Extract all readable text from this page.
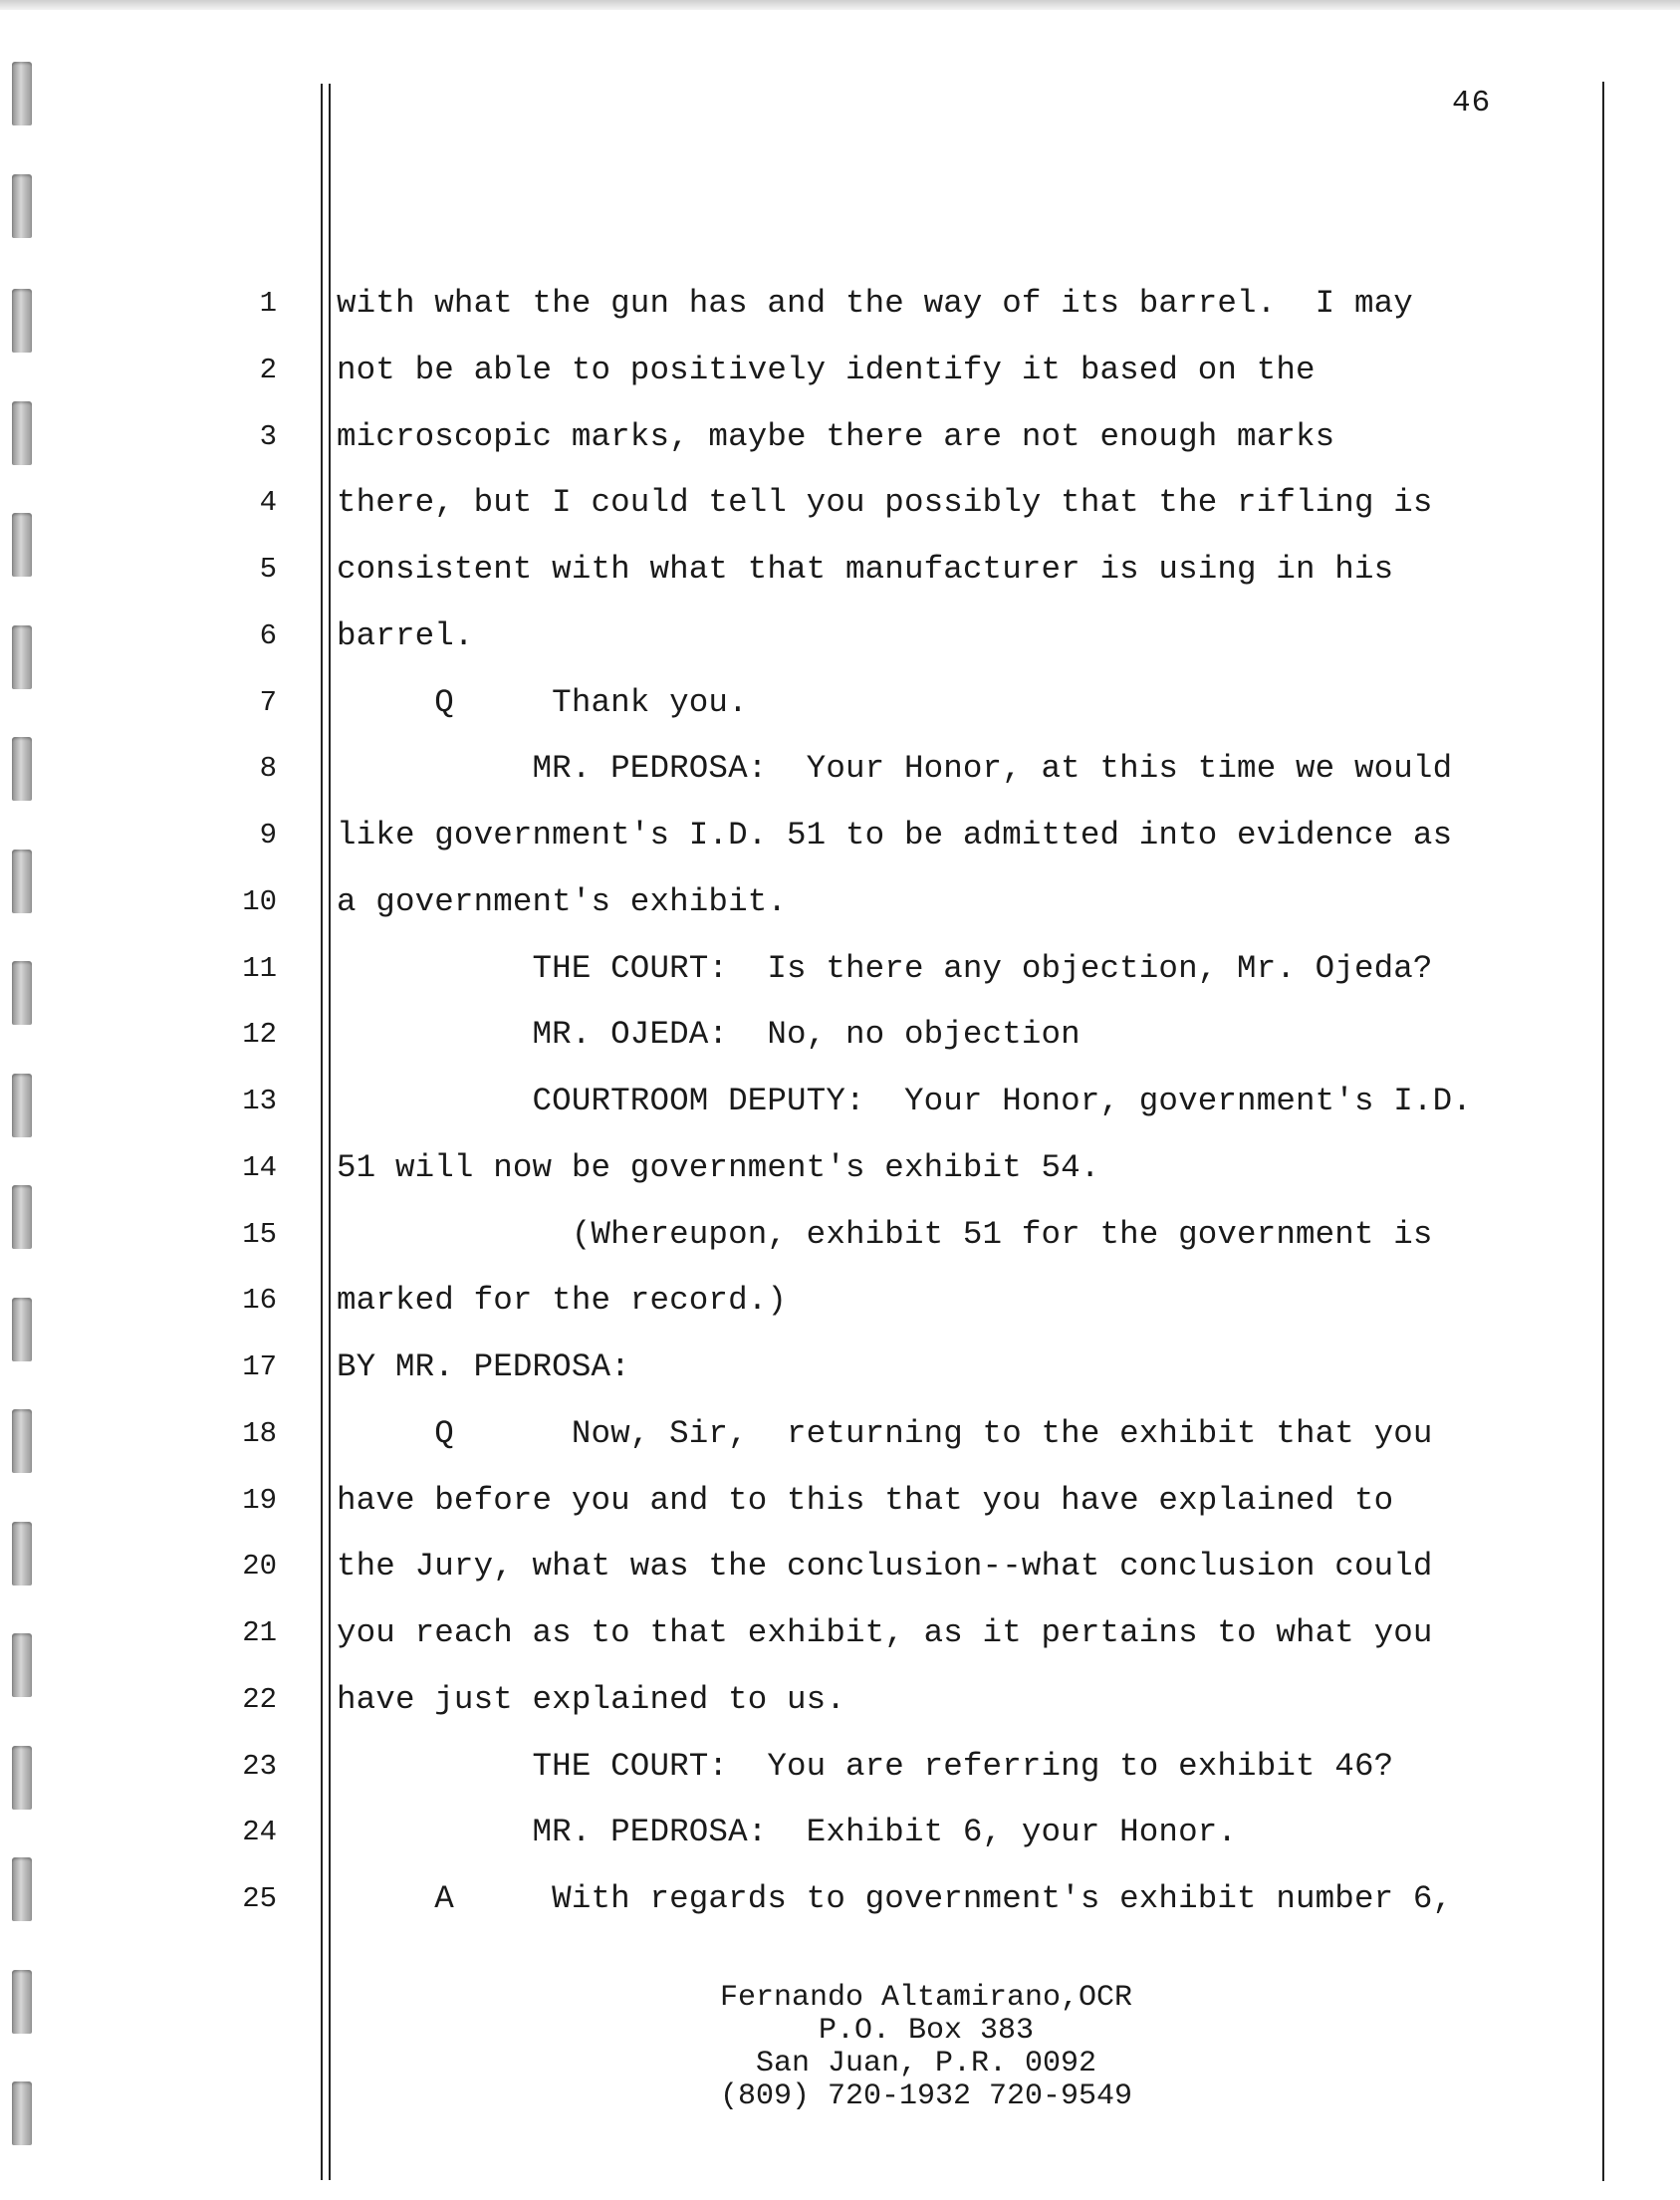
46
1 with what the gun has and the way of its barrel.  I may
2 not be able to positively identify it based on the
3 microscopic marks, maybe there are not enough marks
4 there, but I could tell you possibly that the rifling is
5 consistent with what that manufacturer is using in his
6 barrel.
7 Q     Thank you.
8 MR. PEDROSA:  Your Honor, at this time we would
9 like government's I.D. 51 to be admitted into evidence as
10 a government's exhibit.
11 THE COURT:  Is there any objection, Mr. Ojeda?
12 MR. OJEDA:  No, no objection
13 COURTROOM DEPUTY:  Your Honor, government's I.D.
14 51 will now be government's exhibit 54.
15 (Whereupon, exhibit 51 for the government is
16 marked for the record.)
17 BY MR. PEDROSA:
18 Q      Now, Sir,  returning to the exhibit that you
19 have before you and to this that you have explained to
20 the Jury, what was the conclusion--what conclusion could
21 you reach as to that exhibit, as it pertains to what you
22 have just explained to us.
23 THE COURT:  You are referring to exhibit 46?
24 MR. PEDROSA:  Exhibit 6, your Honor.
25 A     With regards to government's exhibit number 6,
Fernando Altamirano,OCR
P.O. Box 383
San Juan, P.R. 0092
(809) 720-1932 720-9549
